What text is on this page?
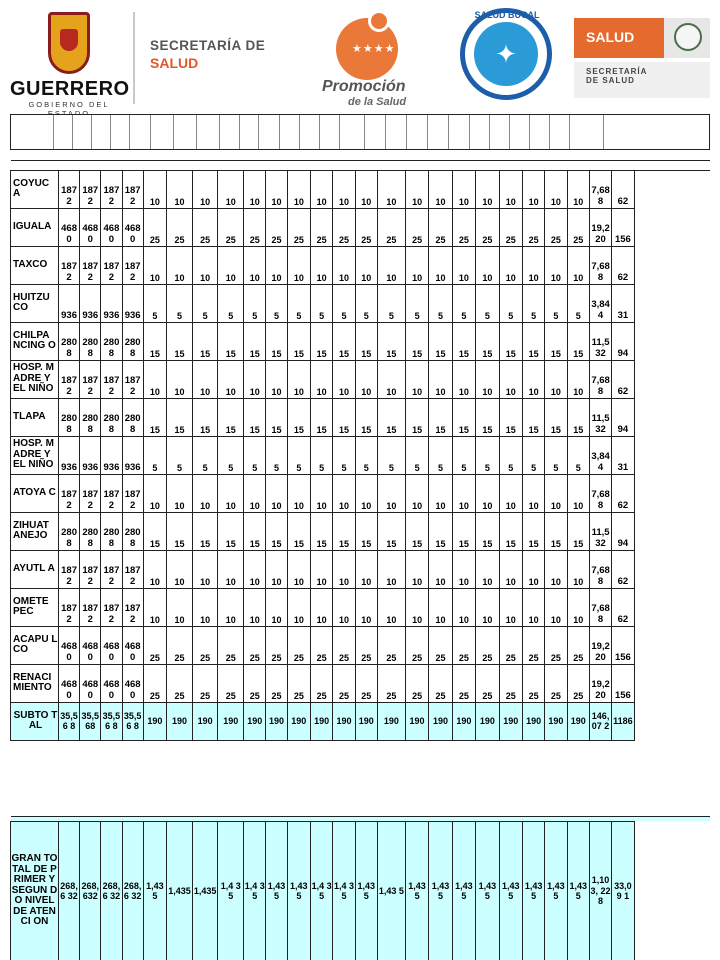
GUERRERO
GOBIERNO DEL
SECRETARÍA DE
SALUD
★★★★
Promoción
de la Salud
SALUD BUCAL
✦
SALUD
SECRETARÍA
DE SALUD

COYUC A	1872	1872	1872	1872	10	10	10	10	10	10	10	10	10	10	10	10	10	10	10	10	10	10	10	7,688	62
IGUALA	4680	4680	4680	4680	25	25	25	25	25	25	25	25	25	25	25	25	25	25	25	25	25	25	25	19,220	156
TAXCO	1872	1872	1872	1872	10	10	10	10	10	10	10	10	10	10	10	10	10	10	10	10	10	10	10	7,688	62
HUITZU CO	936	936	936	936	5	5	5	5	5	5	5	5	5	5	5	5	5	5	5	5	5	5	5	3,844	31
CHILPA NCING O	2808	2808	2808	2808	15	15	15	15	15	15	15	15	15	15	15	15	15	15	15	15	15	15	15	11,532	94
HOSP. MADRE Y EL NIÑO	1872	1872	1872	1872	10	10	10	10	10	10	10	10	10	10	10	10	10	10	10	10	10	10	10	7,688	62
TLAPA	2808	2808	2808	2808	15	15	15	15	15	15	15	15	15	15	15	15	15	15	15	15	15	15	15	11,532	94
HOSP. MADRE Y EL NIÑO	936	936	936	936	5	5	5	5	5	5	5	5	5	5	5	5	5	5	5	5	5	5	5	3,844	31
ATOYA C	1872	1872	1872	1872	10	10	10	10	10	10	10	10	10	10	10	10	10	10	10	10	10	10	10	7,688	62
ZIHUAT ANEJO	2808	2808	2808	2808	15	15	15	15	15	15	15	15	15	15	15	15	15	15	15	15	15	15	15	11,532	94
AYUTL A	1872	1872	1872	1872	10	10	10	10	10	10	10	10	10	10	10	10	10	10	10	10	10	10	10	7,688	62
OMETE PEC	1872	1872	1872	1872	10	10	10	10	10	10	10	10	10	10	10	10	10	10	10	10	10	10	10	7,688	62
ACAPU LCO	4680	4680	4680	4680	25	25	25	25	25	25	25	25	25	25	25	25	25	25	25	25	25	25	25	19,220	156
RENACI MIENTO	4680	4680	4680	4680	25	25	25	25	25	25	25	25	25	25	25	25	25	25	25	25	25	25	25	19,220	156
SUBTO TAL	35,56 8	35,5 68	35,56 8	35,56 8	190	190	190	190	190	190	190	190	190	190	190	190	190	190	190	190	190	190	190	146,07 2	1186

GRAN TOTAL DE PRIMER Y SEGUN DO NIVEL DE ATENCI ON	268,6 32	268, 632	268,6 32	268,6 32	1,43 5	1,435	1,435	1,4 35	1,4 35	1,43 5	1,43 5	1,4 35	1,4 35	1,435	1,43 5	1,43 5	1,43 5	1,43 5	1,43 5	1,43 5	1,43 5	1,43 5	1,43 5	1,103, 228	33,09 1
